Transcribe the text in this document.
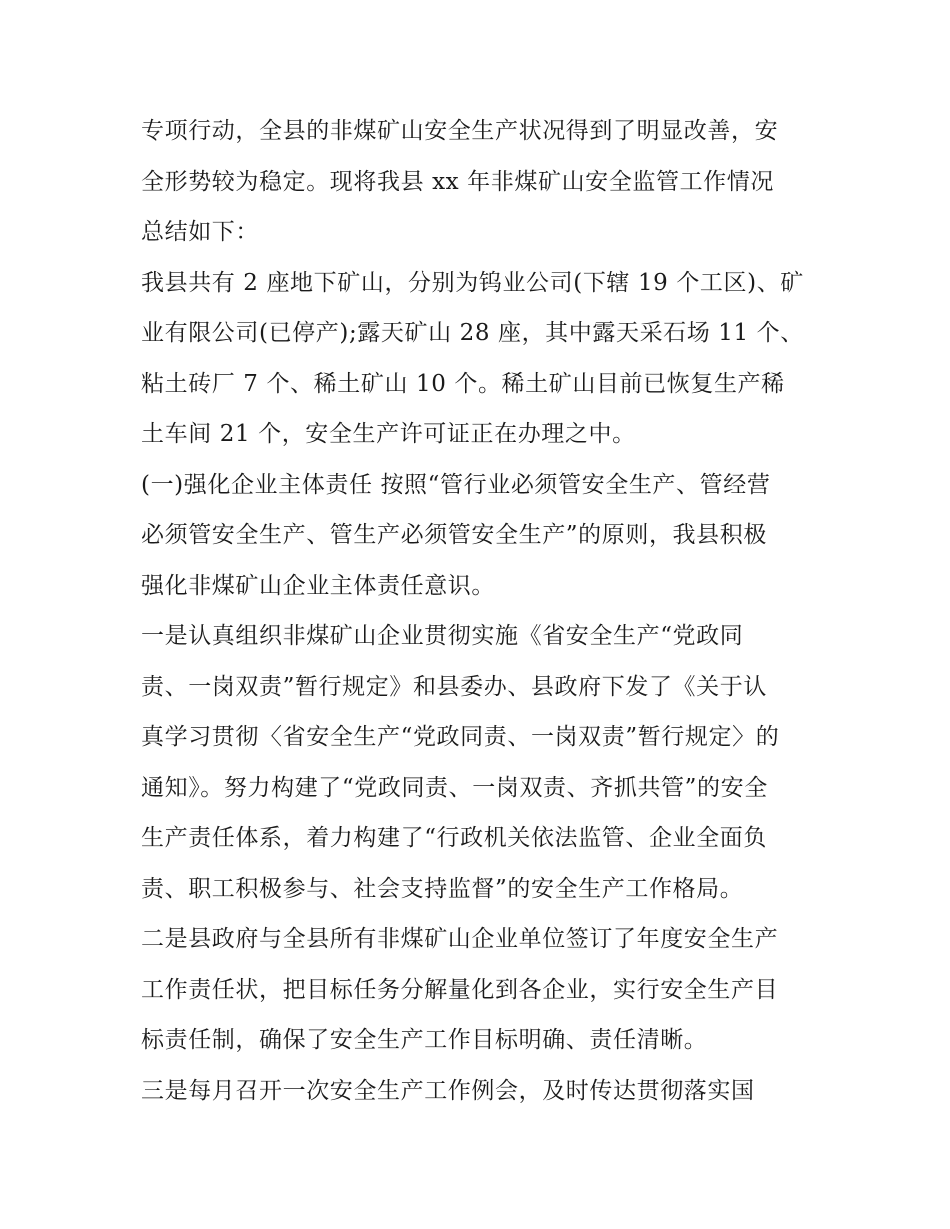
专项行动，全县的非煤矿山安全生产状况得到了明显改善，安
全形势较为稳定。现将我县 xx 年非煤矿山安全监管工作情况
总结如下：

我县共有 2 座地下矿山，分别为钨业公司(下辖 19 个工区)、矿
业有限公司(已停产);露天矿山 28 座，其中露天采石场 11 个、
粘土砖厂 7 个、稀土矿山 10 个。稀土矿山目前已恢复生产稀
土车间 21 个，安全生产许可证正在办理之中。

(一)强化企业主体责任 按照“管行业必须管安全生产、管经营
必须管安全生产、管生产必须管安全生产”的原则，我县积极
强化非煤矿山企业主体责任意识。

一是认真组织非煤矿山企业贯彻实施《省安全生产“党政同
责、一岗双责”暂行规定》和县委办、县政府下发了《关于认
真学习贯彻〈省安全生产“党政同责、一岗双责”暂行规定〉的
通知》。努力构建了“党政同责、一岗双责、齐抓共管”的安全
生产责任体系，着力构建了“行政机关依法监管、企业全面负
责、职工积极参与、社会支持监督”的安全生产工作格局。

二是县政府与全县所有非煤矿山企业单位签订了年度安全生产
工作责任状，把目标任务分解量化到各企业，实行安全生产目
标责任制，确保了安全生产工作目标明确、责任清晰。

三是每月召开一次安全生产工作例会，及时传达贯彻落实国
